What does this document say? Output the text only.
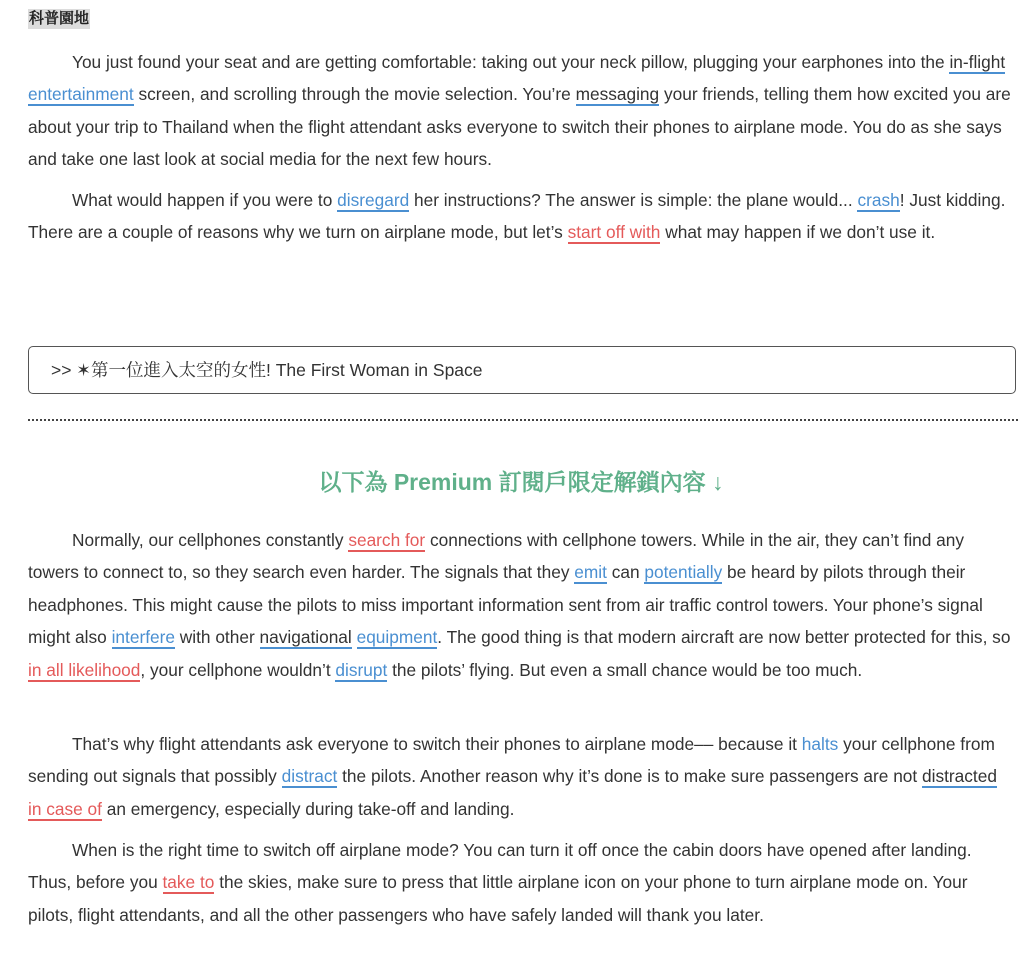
科普園地

You just found your seat and are getting comfortable: taking out your neck pillow, plugging your earphones into the in-flight entertainment screen, and scrolling through the movie selection. You’re messaging your friends, telling them how excited you are about your trip to Thailand when the flight attendant asks everyone to switch their phones to airplane mode. You do as she says and take one last look at social media for the next few hours.

What would happen if you were to disregard her instructions? The answer is simple: the plane would... crash! Just kidding. There are a couple of reasons why we turn on airplane mode, but let’s start off with what may happen if we don’t use it.

>> ✶第一位進入太空的女性! The First Woman in Space
以下為 Premium 訂閱戶限定解鎖內容 ↓

Normally, our cellphones constantly search for connections with cellphone towers. While in the air, they can’t find any towers to connect to, so they search even harder. The signals that they emit can potentially be heard by pilots through their headphones. This might cause the pilots to miss important information sent from air traffic control towers. Your phone’s signal might also interfere with other navigational equipment. The good thing is that modern aircraft are now better protected for this, so in all likelihood, your cellphone wouldn’t disrupt the pilots’ flying. But even a small chance would be too much.

That’s why flight attendants ask everyone to switch their phones to airplane mode–– because it halts your cellphone from sending out signals that possibly distract the pilots. Another reason why it’s done is to make sure passengers are not distracted in case of an emergency, especially during take-off and landing.

When is the right time to switch off airplane mode? You can turn it off once the cabin doors have opened after landing. Thus, before you take to the skies, make sure to press that little airplane icon on your phone to turn airplane mode on. Your pilots, flight attendants, and all the other passengers who have safely landed will thank you later.
